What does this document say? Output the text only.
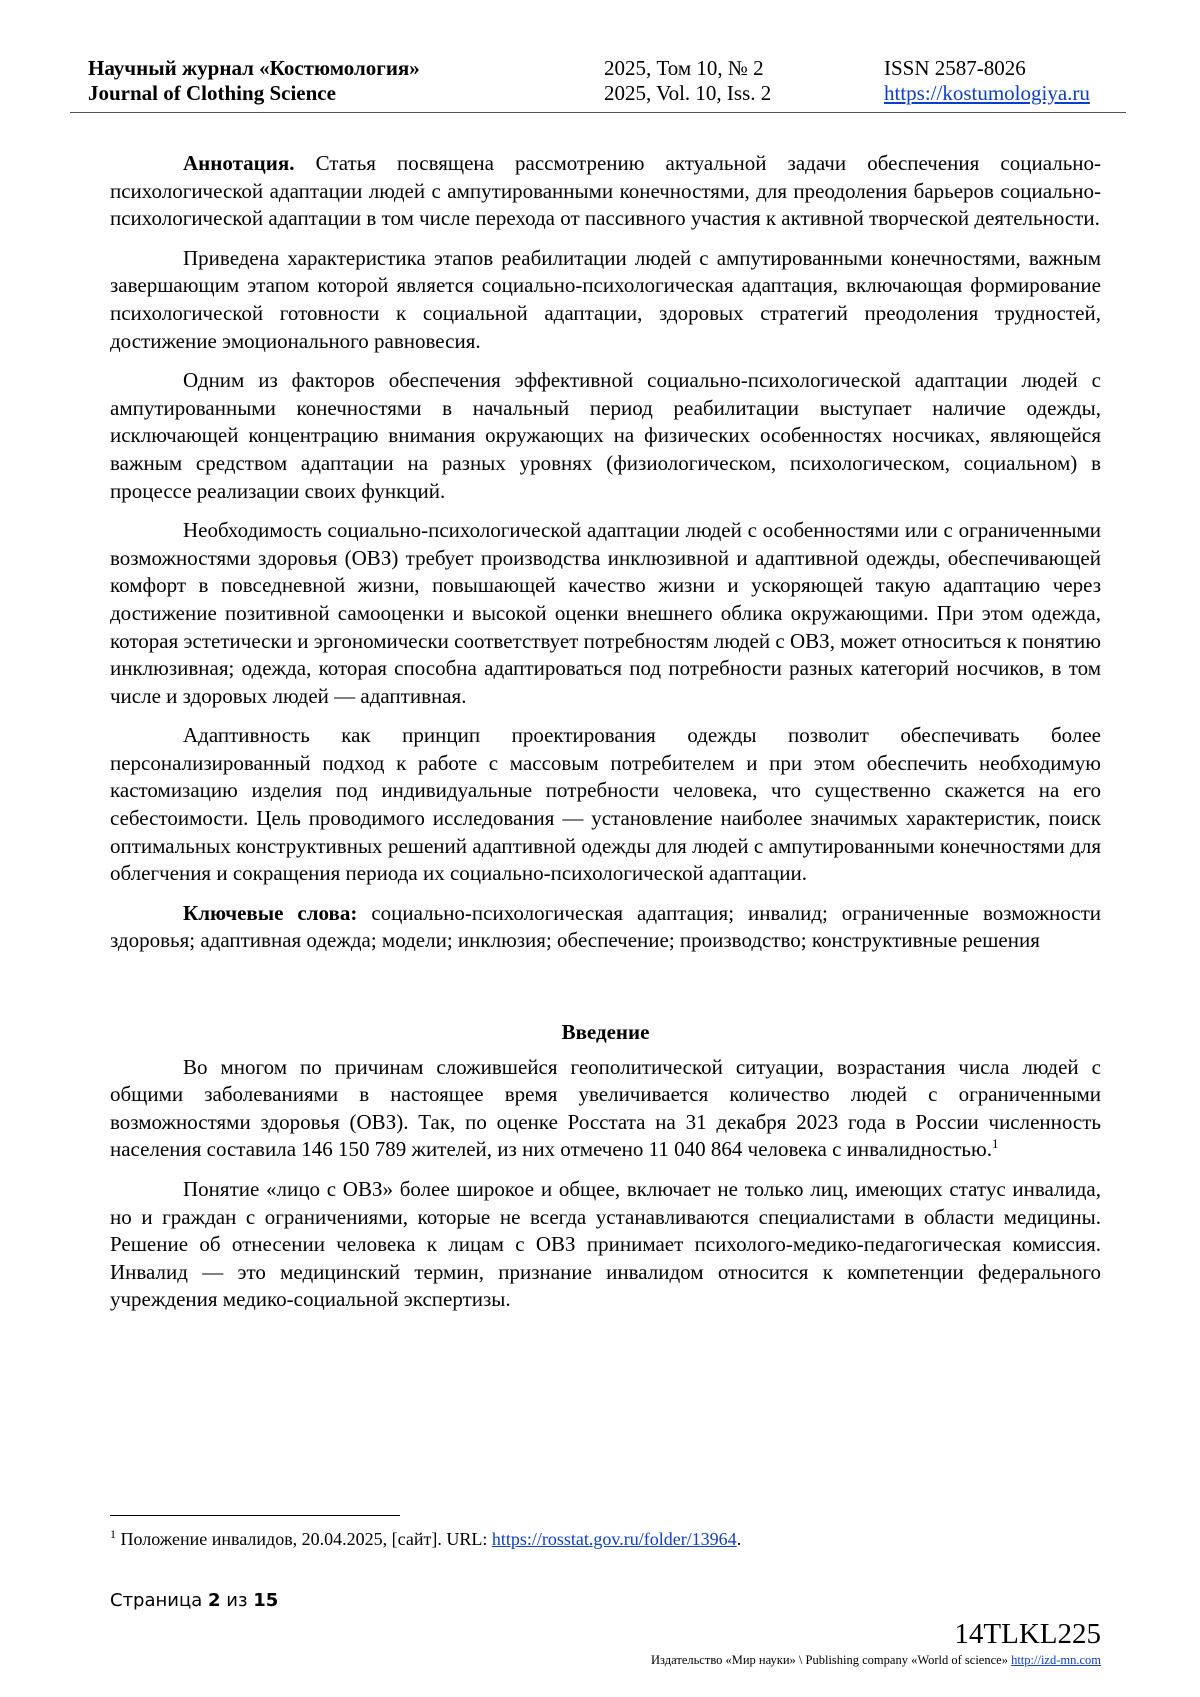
Научный журнал «Костюмология»
Journal of Clothing Science
2025, Том 10, № 2
2025, Vol. 10, Iss. 2
ISSN 2587-8026
https://kostumologiya.ru

Аннотация. Статья посвящена рассмотрению актуальной задачи обеспечения социально-психологической адаптации людей с ампутированными конечностями, для преодоления барьеров социально-психологической адаптации в том числе перехода от пассивного участия к активной творческой деятельности.

Приведена характеристика этапов реабилитации людей с ампутированными конечностями, важным завершающим этапом которой является социально-психологическая адаптация, включающая формирование психологической готовности к социальной адаптации, здоровых стратегий преодоления трудностей, достижение эмоционального равновесия.

Одним из факторов обеспечения эффективной социально-психологической адаптации людей с ампутированными конечностями в начальный период реабилитации выступает наличие одежды, исключающей концентрацию внимания окружающих на физических особенностях носчиках, являющейся важным средством адаптации на разных уровнях (физиологическом, психологическом, социальном) в процессе реализации своих функций.

Необходимость социально-психологической адаптации людей с особенностями или с ограниченными возможностями здоровья (ОВЗ) требует производства инклюзивной и адаптивной одежды, обеспечивающей комфорт в повседневной жизни, повышающей качество жизни и ускоряющей такую адаптацию через достижение позитивной самооценки и высокой оценки внешнего облика окружающими. При этом одежда, которая эстетически и эргономически соответствует потребностям людей с ОВЗ, может относиться к понятию инклюзивная; одежда, которая способна адаптироваться под потребности разных категорий носчиков, в том числе и здоровых людей — адаптивная.

Адаптивность как принцип проектирования одежды позволит обеспечивать более персонализированный подход к работе с массовым потребителем и при этом обеспечить необходимую кастомизацию изделия под индивидуальные потребности человека, что существенно скажется на его себестоимости. Цель проводимого исследования — установление наиболее значимых характеристик, поиск оптимальных конструктивных решений адаптивной одежды для людей с ампутированными конечностями для облегчения и сокращения периода их социально-психологической адаптации.

Ключевые слова: социально-психологическая адаптация; инвалид; ограниченные возможности здоровья; адаптивная одежда; модели; инклюзия; обеспечение; производство; конструктивные решения

Введение

Во многом по причинам сложившейся геополитической ситуации, возрастания числа людей с общими заболеваниями в настоящее время увеличивается количество людей с ограниченными возможностями здоровья (ОВЗ). Так, по оценке Росстата на 31 декабря 2023 года в России численность населения составила 146 150 789 жителей, из них отмечено 11 040 864 человека с инвалидностью.$^1$

Понятие «лицо с ОВЗ» более широкое и общее, включает не только лиц, имеющих статус инвалида, но и граждан с ограничениями, которые не всегда устанавливаются специалистами в области медицины. Решение об отнесении человека к лицам с ОВЗ принимает психолого-медико-педагогическая комиссия. Инвалид — это медицинский термин, признание инвалидом относится к компетенции федерального учреждения медико-социальной экспертизы.

$^1$ Положение инвалидов, 20.04.2025, [сайт]. URL: https://rosstat.gov.ru/folder/13964.
Страница 2 из 15
14TLKL225
Издательство «Мир науки» \ Publishing company «World of science» http://izd-mn.com
